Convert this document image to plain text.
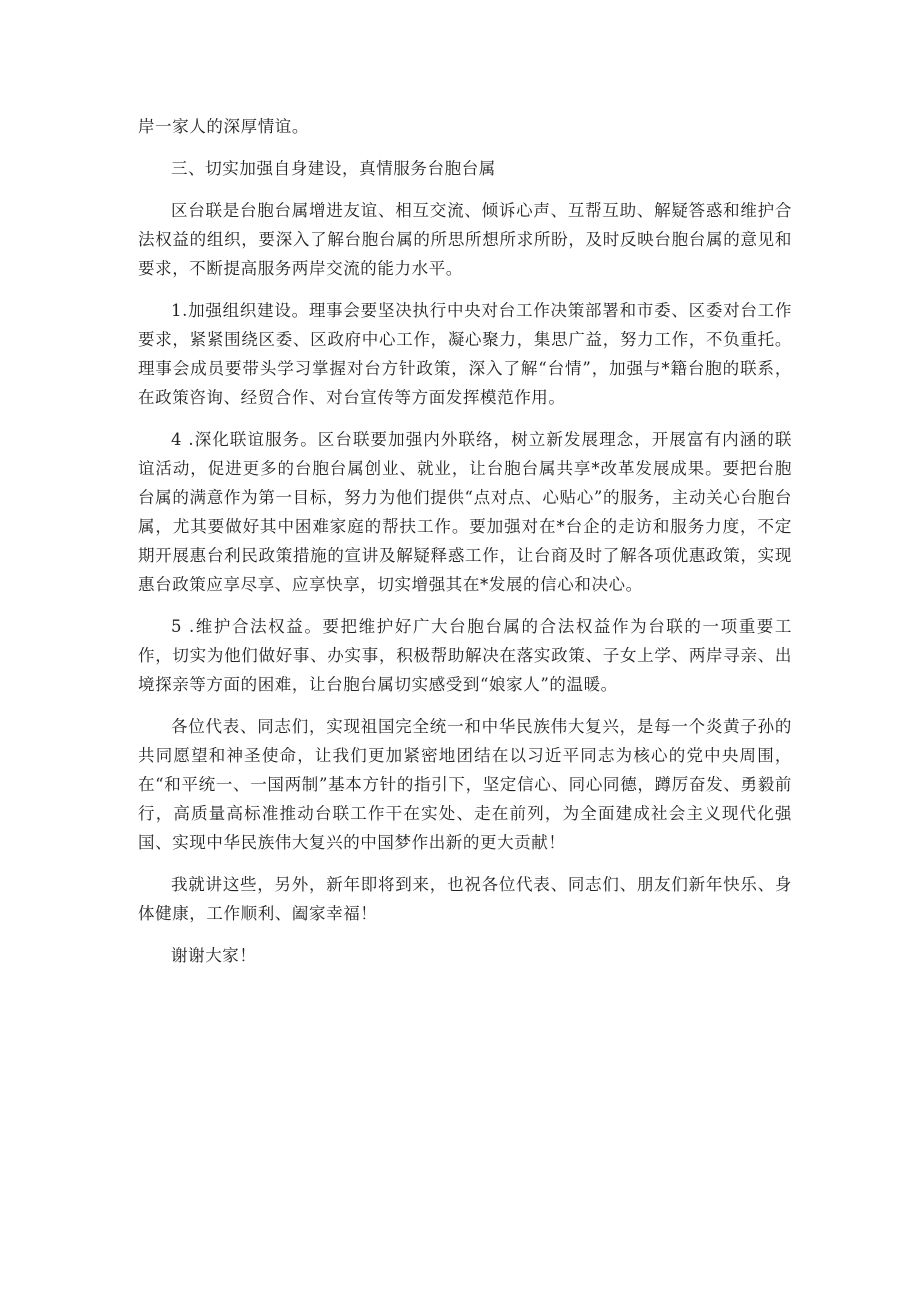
岸一家人的深厚情谊。

三、切实加强自身建设，真情服务台胞台属

区台联是台胞台属增进友谊、相互交流、倾诉心声、互帮互助、解疑答惑和维护合法权益的组织，要深入了解台胞台属的所思所想所求所盼，及时反映台胞台属的意见和要求，不断提高服务两岸交流的能力水平。

1.加强组织建设。理事会要坚决执行中央对台工作决策部署和市委、区委对台工作要求，紧紧围绕区委、区政府中心工作，凝心聚力，集思广益，努力工作，不负重托。理事会成员要带头学习掌握对台方针政策，深入了解“台情”，加强与*籍台胞的联系，在政策咨询、经贸合作、对台宣传等方面发挥模范作用。

4 .深化联谊服务。区台联要加强内外联络，树立新发展理念，开展富有内涵的联谊活动，促进更多的台胞台属创业、就业，让台胞台属共享*改革发展成果。要把台胞台属的满意作为第一目标，努力为他们提供“点对点、心贴心”的服务，主动关心台胞台属，尤其要做好其中困难家庭的帮扶工作。要加强对在*台企的走访和服务力度，不定期开展惠台利民政策措施的宣讲及解疑释惑工作，让台商及时了解各项优惠政策，实现惠台政策应享尽享、应享快享，切实增强其在*发展的信心和决心。

5 .维护合法权益。要把维护好广大台胞台属的合法权益作为台联的一项重要工作，切实为他们做好事、办实事，积极帮助解决在落实政策、子女上学、两岸寻亲、出境探亲等方面的困难，让台胞台属切实感受到“娘家人”的温暖。

各位代表、同志们，实现祖国完全统一和中华民族伟大复兴，是每一个炎黄子孙的共同愿望和神圣使命，让我们更加紧密地团结在以习近平同志为核心的党中央周围，在“和平统一、一国两制”基本方针的指引下，坚定信心、同心同德，蹲厉奋发、勇毅前行，高质量高标准推动台联工作干在实处、走在前列，为全面建成社会主义现代化强国、实现中华民族伟大复兴的中国梦作出新的更大贡献！

我就讲这些，另外，新年即将到来，也祝各位代表、同志们、朋友们新年快乐、身体健康，工作顺利、阖家幸福！

谢谢大家！
